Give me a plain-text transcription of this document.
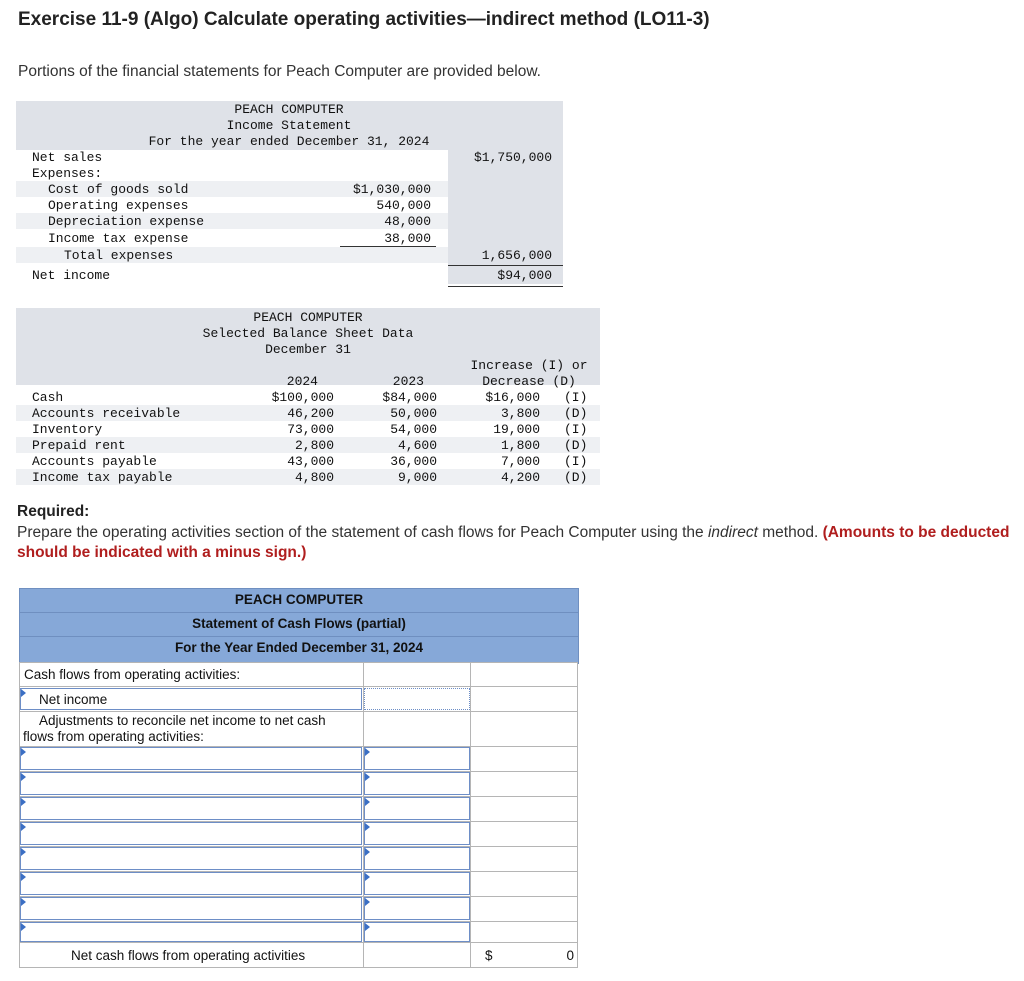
Exercise 11-9 (Algo) Calculate operating activities—indirect method (LO11-3)
Portions of the financial statements for Peach Computer are provided below.
PEACH COMPUTER
Income Statement
For the year ended December 31, 2024
Net sales	$1,750,000
Expenses:
Cost of goods sold	$1,030,000
Operating expenses	540,000
Depreciation expense	48,000
Income tax expense	38,000
Total expenses	1,656,000
Net income	$94,000
PEACH COMPUTER
Selected Balance Sheet Data
December 31
Increase (I) or
Decrease (D)
2024	2023
Cash	$100,000	$84,000	$16,000 (I)
Accounts receivable	46,200	50,000	3,800 (D)
Inventory	73,000	54,000	19,000 (I)
Prepaid rent	2,800	4,600	1,800 (D)
Accounts payable	43,000	36,000	7,000 (I)
Income tax payable	4,800	9,000	4,200 (D)
Required:
Prepare the operating activities section of the statement of cash flows for Peach Computer using the indirect method. (Amounts to be deducted should be indicated with a minus sign.)
PEACH COMPUTER
Statement of Cash Flows (partial)
For the Year Ended December 31, 2024
Cash flows from operating activities:
Net income
Adjustments to reconcile net income to net cash flows from operating activities:
Net cash flows from operating activities	$	0
